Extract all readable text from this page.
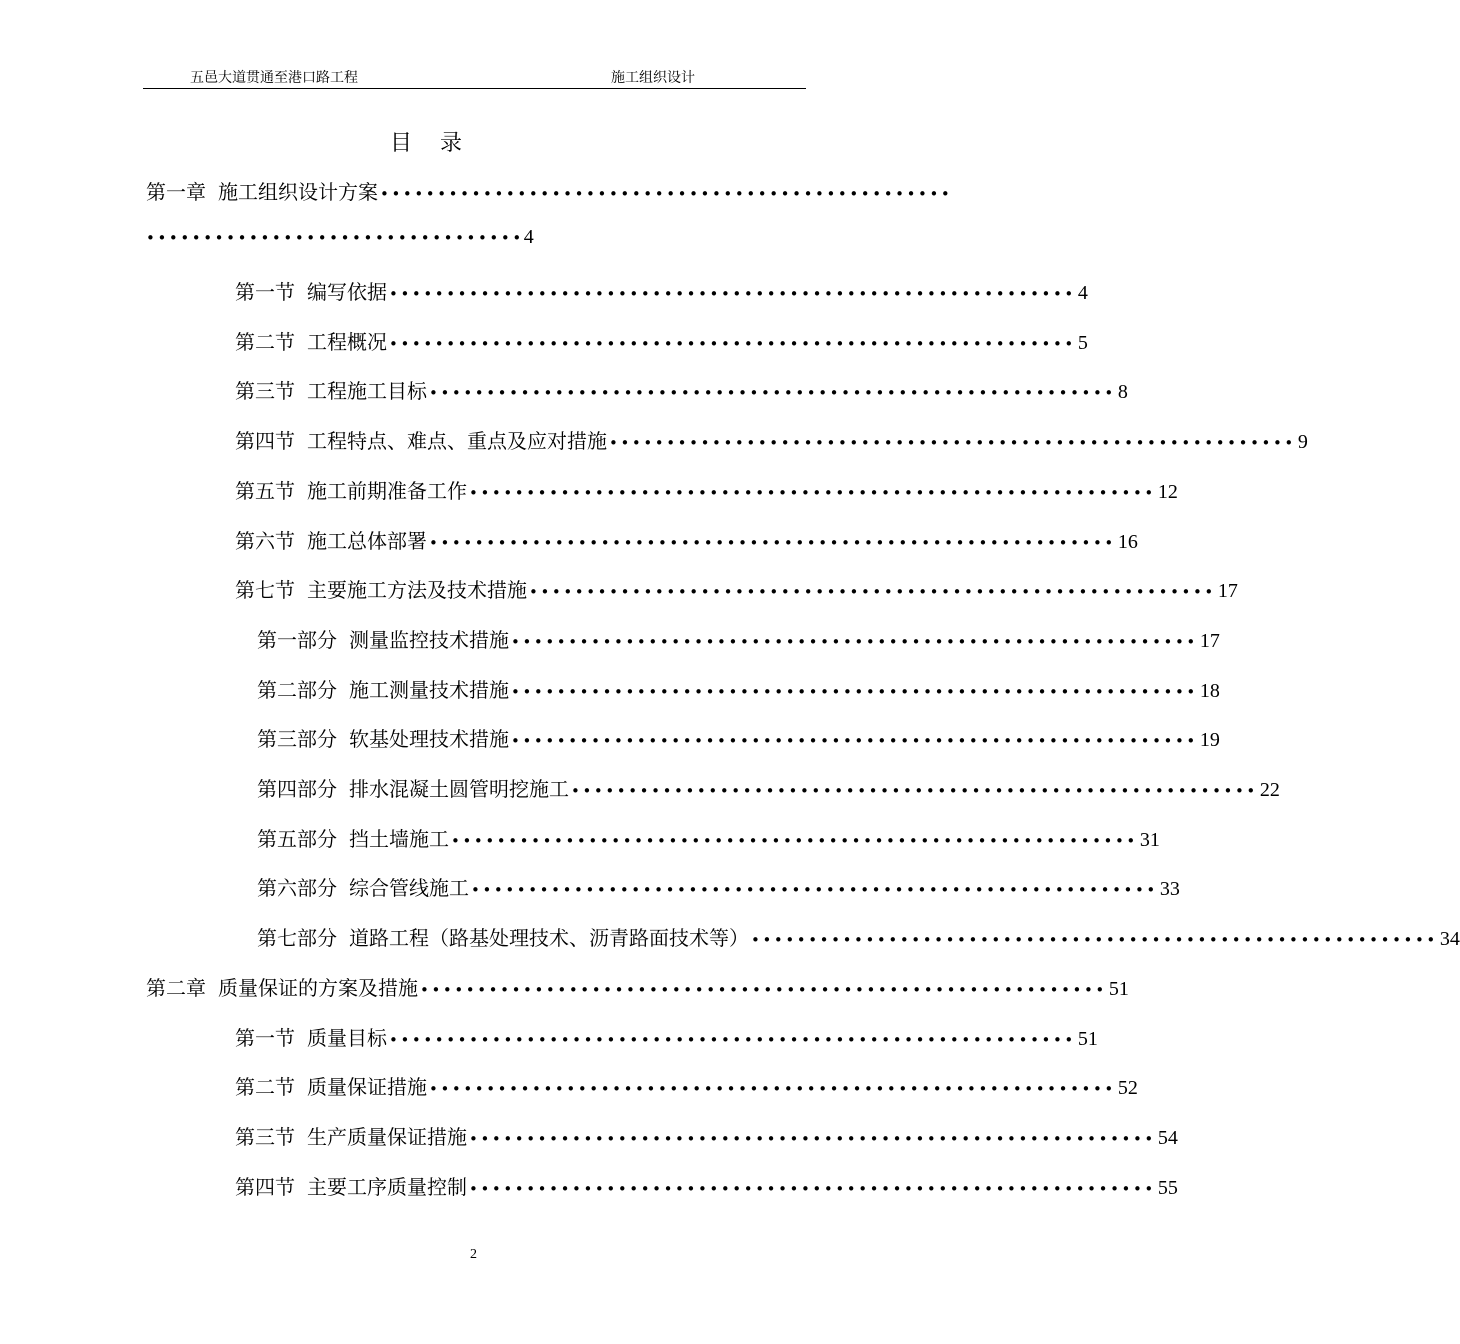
五邑大道贯通至港口路工程	施工组织设计
目 录
第一章 施工组织设计方案 ••••••••••••••••••••••••••••••••••••••••••••••••••
••••••••••••••••••••••••••••••••• 4
第一节 编写依据 •••••••••••••••••••••••••••••••••••••••••••••••••••••••••••• 4
第二节 工程概况 •••••••••••••••••••••••••••••••••••••••••••••••••••••••••••• 5
第三节 工程施工目标 •••••••••••••••••••••••••••••••••••••••••••••••••••••••••••• 8
第四节 工程特点、难点、重点及应对措施 •••••••••••••••••••••••••••••••••••••••••••••••••••••••••••• 9
第五节 施工前期准备工作 •••••••••••••••••••••••••••••••••••••••••••••••••••••••••••• 12
第六节 施工总体部署 •••••••••••••••••••••••••••••••••••••••••••••••••••••••••••• 16
第七节 主要施工方法及技术措施 •••••••••••••••••••••••••••••••••••••••••••••••••••••••••••• 17
第一部分 测量监控技术措施 •••••••••••••••••••••••••••••••••••••••••••••••••••••••••••• 17
第二部分 施工测量技术措施 •••••••••••••••••••••••••••••••••••••••••••••••••••••••••••• 18
第三部分 软基处理技术措施 •••••••••••••••••••••••••••••••••••••••••••••••••••••••••••• 19
第四部分 排水混凝土圆管明挖施工 •••••••••••••••••••••••••••••••••••••••••••••••••••••••••••• 22
第五部分 挡土墙施工 •••••••••••••••••••••••••••••••••••••••••••••••••••••••••••• 31
第六部分 综合管线施工 •••••••••••••••••••••••••••••••••••••••••••••••••••••••••••• 33
第七部分 道路工程（路基处理技术、沥青路面技术等） •••••••••••••••••••••••••••••••••••••••••••••••••••••••••••• 34
第二章 质量保证的方案及措施 •••••••••••••••••••••••••••••••••••••••••••••••••••••••••••• 51
第一节 质量目标 •••••••••••••••••••••••••••••••••••••••••••••••••••••••••••• 51
第二节 质量保证措施 •••••••••••••••••••••••••••••••••••••••••••••••••••••••••••• 52
第三节 生产质量保证措施 •••••••••••••••••••••••••••••••••••••••••••••••••••••••••••• 54
第四节 主要工序质量控制 •••••••••••••••••••••••••••••••••••••••••••••••••••••••••••• 55
2
